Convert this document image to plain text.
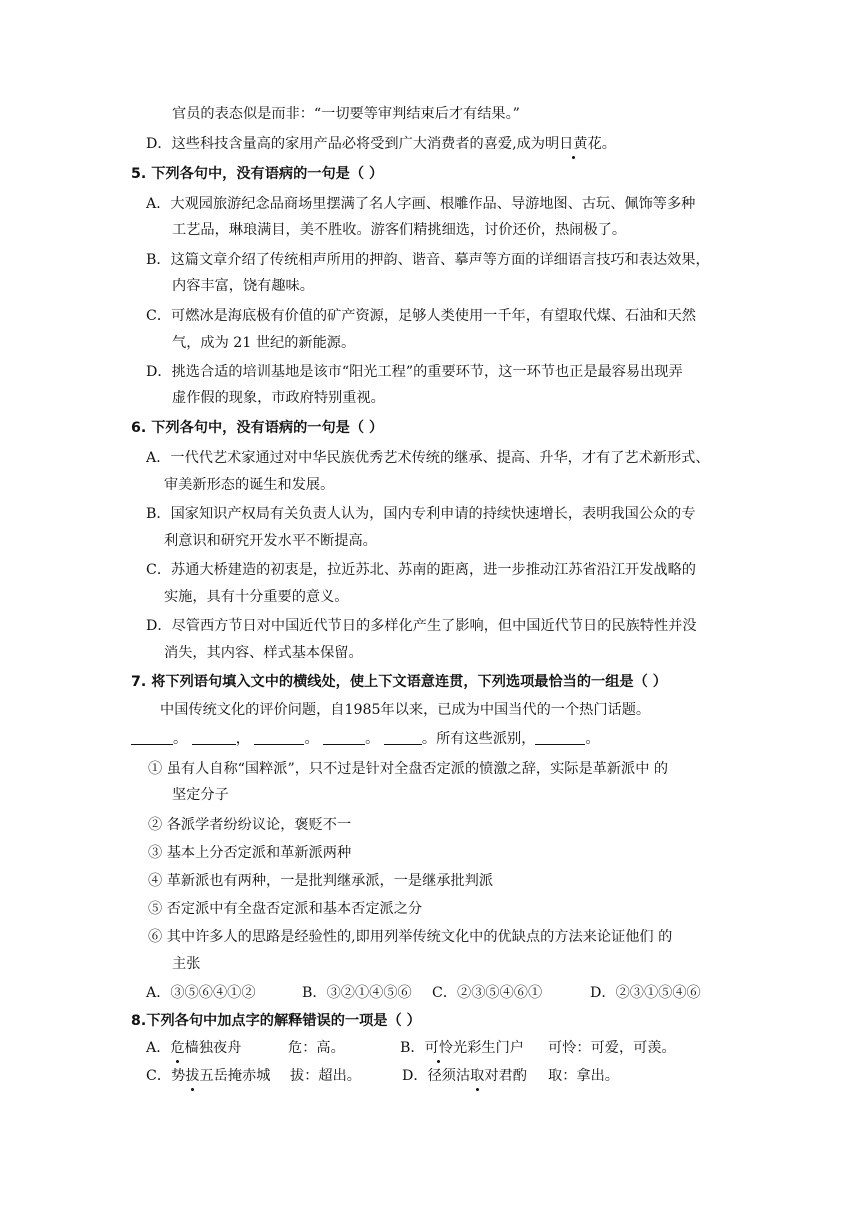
官员的表态似是而非：“一切要等审判结束后才有结果。”
D．这些科技含量高的家用产品必将受到广大消费者的喜爱,成为明日黄花。
5. 下列各句中，没有语病的一句是（ ）
A．大观园旅游纪念品商场里摆满了名人字画、根雕作品、导游地图、古玩、佩饰等多种
工艺品，琳琅满目，美不胜收。游客们精挑细选，讨价还价，热闹极了。
B．这篇文章介绍了传统相声所用的押韵、谐音、摹声等方面的详细语言技巧和表达效果，
内容丰富，饶有趣味。
C．可燃冰是海底极有价值的矿产资源，足够人类使用一千年，有望取代煤、石油和天然
气，成为 21 世纪的新能源。
D．挑选合适的培训基地是该市“阳光工程”的重要环节，这一环节也正是最容易出现弄
虚作假的现象，市政府特别重视。
6. 下列各句中，没有语病的一句是（ ）
A．一代代艺术家通过对中华民族优秀艺术传统的继承、提高、升华，才有了艺术新形式、
审美新形态的诞生和发展。
B．国家知识产权局有关负责人认为，国内专利申请的持续快速增长，表明我国公众的专
利意识和研究开发水平不断提高。
C．苏通大桥建造的初衷是，拉近苏北、苏南的距离，进一步推动江苏省沿江开发战略的
实施，具有十分重要的意义。
D．尽管西方节日对中国近代节日的多样化产生了影响，但中国近代节日的民族特性并没
消失，其内容、样式基本保留。
7. 将下列语句填入文中的横线处，使上下文语意连贯，下列选项最恰当的一组是（ ）
中国传统文化的评价问题，自1985年以来，已成为中国当代的一个热门话题。
。	，	。	。	。所有这些派别，	。
① 虽有人自称“国粹派”，只不过是针对全盘否定派的愤激之辞，实际是革新派中 的
坚定分子
② 各派学者纷纷议论，褒贬不一
③ 基本上分否定派和革新派两种
④ 革新派也有两种，一是批判继承派，一是继承批判派
⑤ 否定派中有全盘否定派和基本否定派之分
⑥ 其中许多人的思路是经验性的,即用列举传统文化中的优缺点的方法来论证他们 的
主张
A．③⑤⑥④①②	B．③②①④⑤⑥ C．②③⑤④⑥①	D．②③①⑤④⑥
8.下列各句中加点字的解释错误的一项是（ ）
A．危樯独夜舟	危：高。	B．可怜光彩生门户 可怜：可爱，可羡。
C．势拔五岳掩赤城 拔：超出。	D．径须沽取对君酌 取：拿出。
